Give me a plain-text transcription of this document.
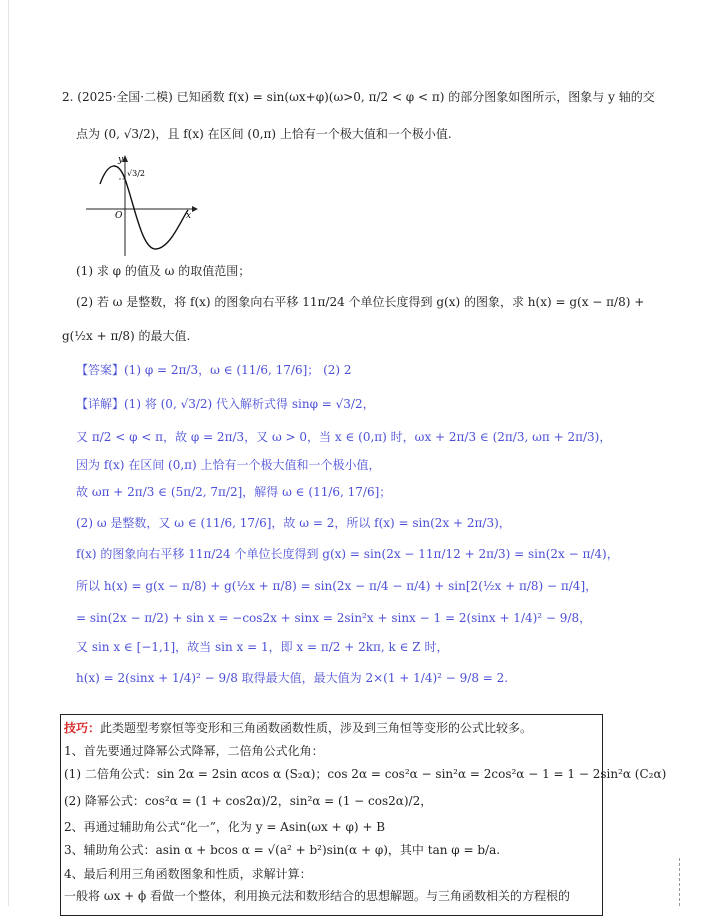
2. (2025·全国·二模) 已知函数 f(x) = sin(ωx+φ)(ω>0, π/2 < φ < π) 的部分图象如图所示，图象与 y 轴的交
点为 (0, √3/2)，且 f(x) 在区间 (0,π) 上恰有一个极大值和一个极小值.
y
x
O
√3/2
(1) 求 φ 的值及 ω 的取值范围；
(2) 若 ω 是整数，将 f(x) 的图象向右平移 11π/24 个单位长度得到 g(x) 的图象，求 h(x) = g(x − π/8) +
g(½x + π/8) 的最大值.
【答案】(1) φ = 2π/3，ω ∈ (11/6, 17/6]； (2) 2
【详解】(1) 将 (0, √3/2) 代入解析式得 sinφ = √3/2，
又 π/2 < φ < π，故 φ = 2π/3，又 ω > 0，当 x ∈ (0,π) 时，ωx + 2π/3 ∈ (2π/3, ωπ + 2π/3)，
因为 f(x) 在区间 (0,π) 上恰有一个极大值和一个极小值，
故 ωπ + 2π/3 ∈ (5π/2, 7π/2]，解得 ω ∈ (11/6, 17/6]；
(2) ω 是整数，又 ω ∈ (11/6, 17/6]，故 ω = 2，所以 f(x) = sin(2x + 2π/3)，
f(x) 的图象向右平移 11π/24 个单位长度得到 g(x) = sin(2x − 11π/12 + 2π/3) = sin(2x − π/4)，
所以 h(x) = g(x − π/8) + g(½x + π/8) = sin(2x − π/4 − π/4) + sin[2(½x + π/8) − π/4]，
= sin(2x − π/2) + sin x = −cos2x + sinx = 2sin²x + sinx − 1 = 2(sinx + 1/4)² − 9/8，
又 sin x ∈ [−1,1]，故当 sin x = 1，即 x = π/2 + 2kπ, k ∈ Z 时，
h(x) = 2(sinx + 1/4)² − 9/8 取得最大值，最大值为 2×(1 + 1/4)² − 9/8 = 2.
技巧：此类题型考察恒等变形和三角函数函数性质，涉及到三角恒等变形的公式比较多。
1、首先要通过降幂公式降幂，二倍角公式化角：
(1) 二倍角公式：sin 2α = 2sin αcos α (S₂α)；cos 2α = cos²α − sin²α = 2cos²α − 1 = 1 − 2sin²α (C₂α)
(2) 降幂公式：cos²α = (1 + cos2α)/2，sin²α = (1 − cos2α)/2，
2、再通过辅助角公式“化一”，化为 y = Asin(ωx + φ) + B
3、辅助角公式：asin α + bcos α = √(a² + b²)sin(α + φ)，其中 tan φ = b/a.
4、最后利用三角函数图象和性质，求解计算：
一般将 ωx + ϕ 看做一个整体，利用换元法和数形结合的思想解题。与三角函数相关的方程根的
